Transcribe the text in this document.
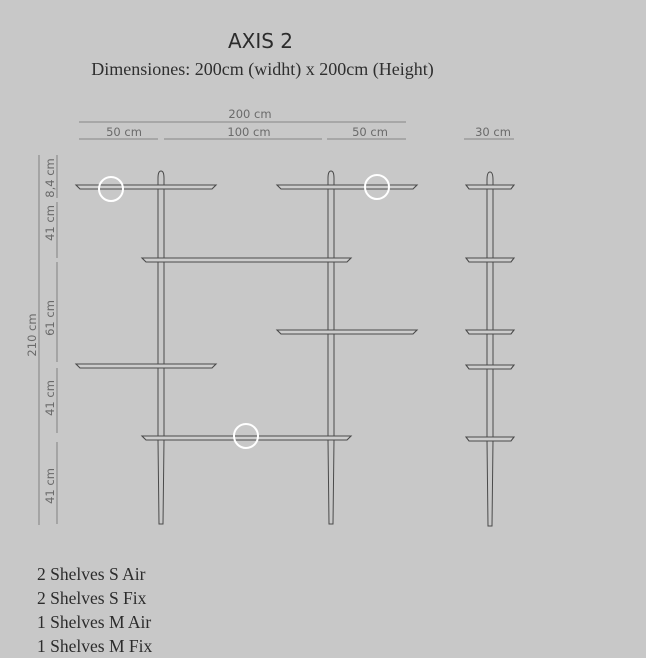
AXIS 2
Dimensiones: 200cm (widht) x 200cm (Height)
200 cm
50 cm	100 cm	50 cm	30 cm
210 cm
8,4 cm
41 cm
61 cm
41 cm
41 cm
2 Shelves S Air
2 Shelves S Fix
1 Shelves M Air
1 Shelves M Fix
